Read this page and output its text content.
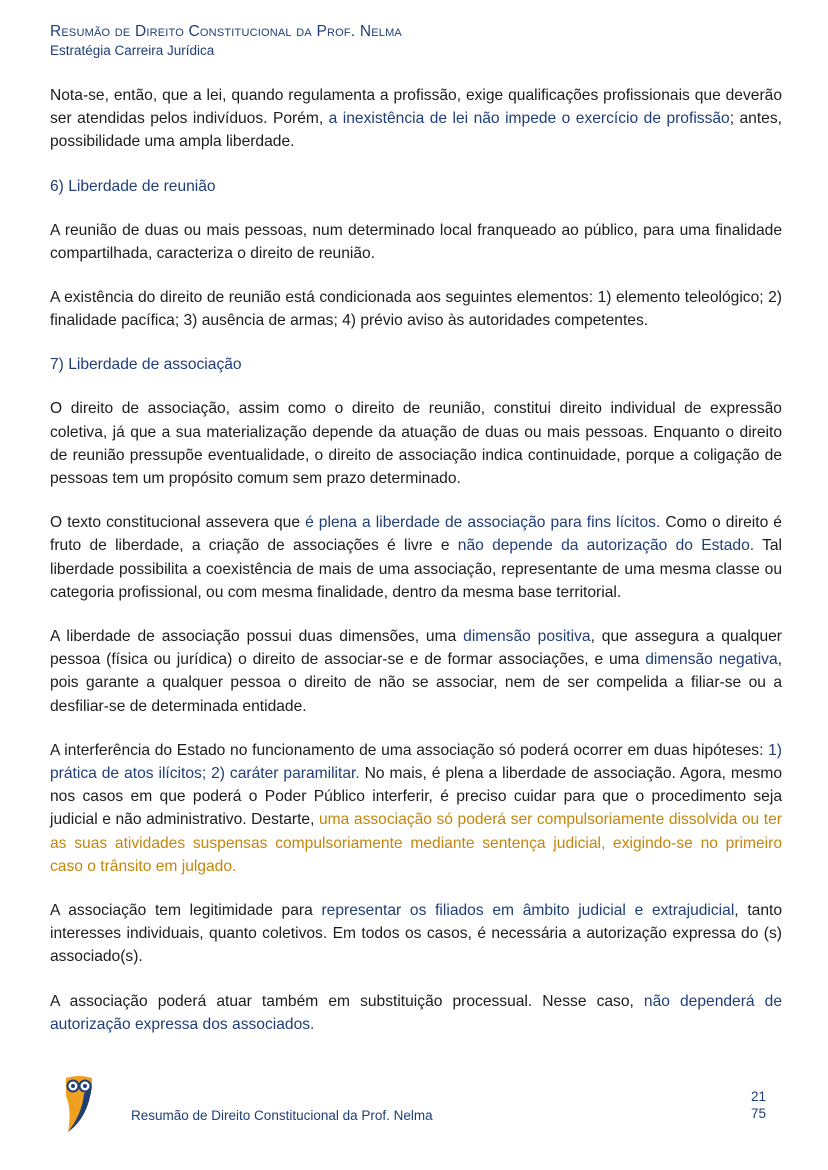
Resumão de Direito Constitucional da Prof. Nelma
Estratégia Carreira Jurídica

Nota-se, então, que a lei, quando regulamenta a profissão, exige qualificações profissionais que deverão ser atendidas pelos indivíduos. Porém, a inexistência de lei não impede o exercício de profissão; antes, possibilidade uma ampla liberdade.

6) Liberdade de reunião

A reunião de duas ou mais pessoas, num determinado local franqueado ao público, para uma finalidade compartilhada, caracteriza o direito de reunião.

A existência do direito de reunião está condicionada aos seguintes elementos: 1) elemento teleológico; 2) finalidade pacífica; 3) ausência de armas; 4) prévio aviso às autoridades competentes.

7) Liberdade de associação

O direito de associação, assim como o direito de reunião, constitui direito individual de expressão coletiva, já que a sua materialização depende da atuação de duas ou mais pessoas. Enquanto o direito de reunião pressupõe eventualidade, o direito de associação indica continuidade, porque a coligação de pessoas tem um propósito comum sem prazo determinado.

O texto constitucional assevera que é plena a liberdade de associação para fins lícitos. Como o direito é fruto de liberdade, a criação de associações é livre e não depende da autorização do Estado. Tal liberdade possibilita a coexistência de mais de uma associação, representante de uma mesma classe ou categoria profissional, ou com mesma finalidade, dentro da mesma base territorial.

A liberdade de associação possui duas dimensões, uma dimensão positiva, que assegura a qualquer pessoa (física ou jurídica) o direito de associar-se e de formar associações, e uma dimensão negativa, pois garante a qualquer pessoa o direito de não se associar, nem de ser compelida a filiar-se ou a desfiliar-se de determinada entidade.

A interferência do Estado no funcionamento de uma associação só poderá ocorrer em duas hipóteses: 1) prática de atos ilícitos; 2) caráter paramilitar. No mais, é plena a liberdade de associação. Agora, mesmo nos casos em que poderá o Poder Público interferir, é preciso cuidar para que o procedimento seja judicial e não administrativo. Destarte, uma associação só poderá ser compulsoriamente dissolvida ou ter as suas atividades suspensas compulsoriamente mediante sentença judicial, exigindo-se no primeiro caso o trânsito em julgado.

A associação tem legitimidade para representar os filiados em âmbito judicial e extrajudicial, tanto interesses individuais, quanto coletivos. Em todos os casos, é necessária a autorização expressa do (s) associado(s).

A associação poderá atuar também em substituição processual. Nesse caso, não dependerá de autorização expressa dos associados.

Resumão de Direito Constitucional da Prof. Nelma
21
75
